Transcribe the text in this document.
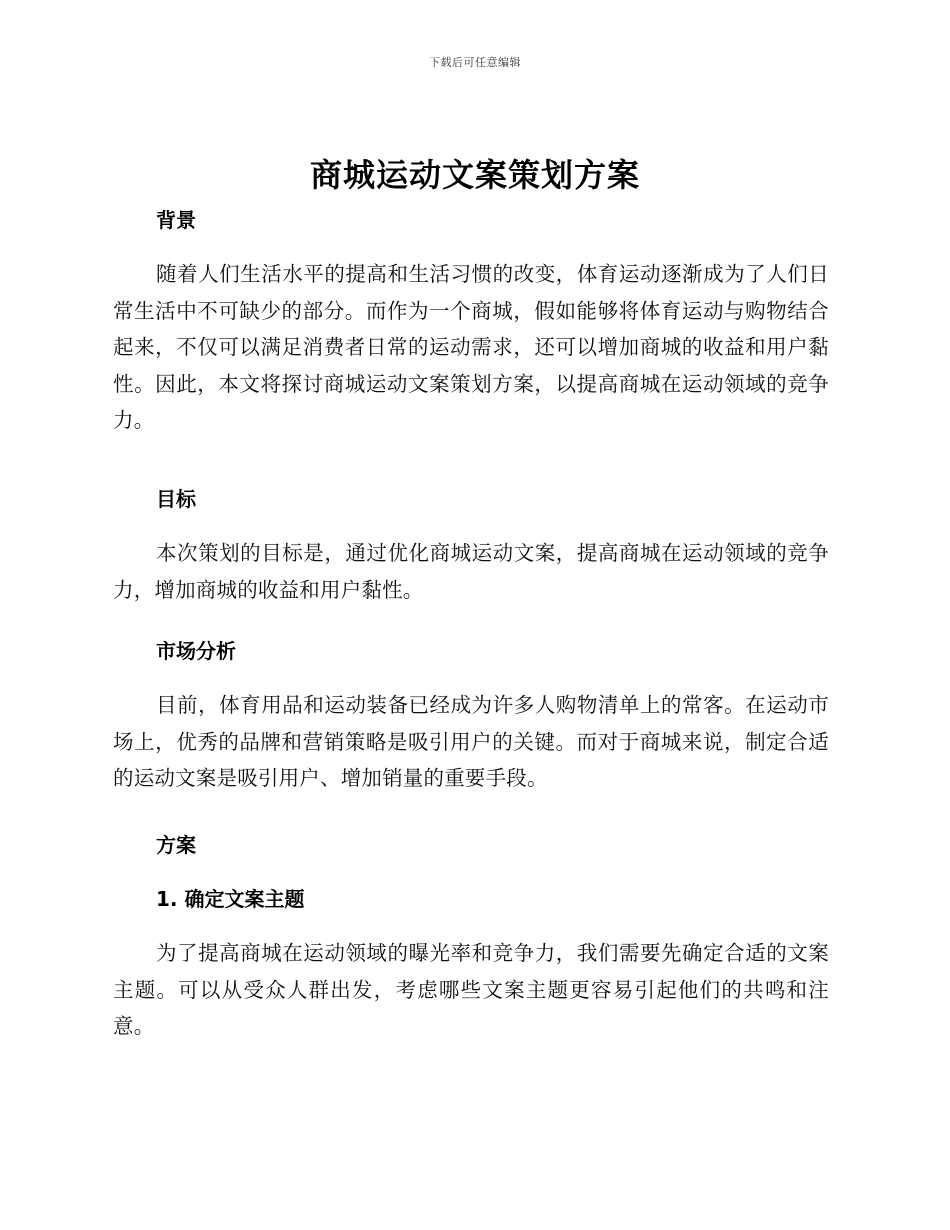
下载后可任意编辑
商城运动文案策划方案
背景
随着人们生活水平的提高和生活习惯的改变，体育运动逐渐成为了人们日常生活中不可缺少的部分。而作为一个商城，假如能够将体育运动与购物结合起来，不仅可以满足消费者日常的运动需求，还可以增加商城的收益和用户黏性。因此，本文将探讨商城运动文案策划方案，以提高商城在运动领域的竞争力。
目标
本次策划的目标是，通过优化商城运动文案，提高商城在运动领域的竞争力，增加商城的收益和用户黏性。
市场分析
目前，体育用品和运动装备已经成为许多人购物清单上的常客。在运动市场上，优秀的品牌和营销策略是吸引用户的关键。而对于商城来说，制定合适的运动文案是吸引用户、增加销量的重要手段。
方案
1. 确定文案主题
为了提高商城在运动领域的曝光率和竞争力，我们需要先确定合适的文案主题。可以从受众人群出发，考虑哪些文案主题更容易引起他们的共鸣和注意。
